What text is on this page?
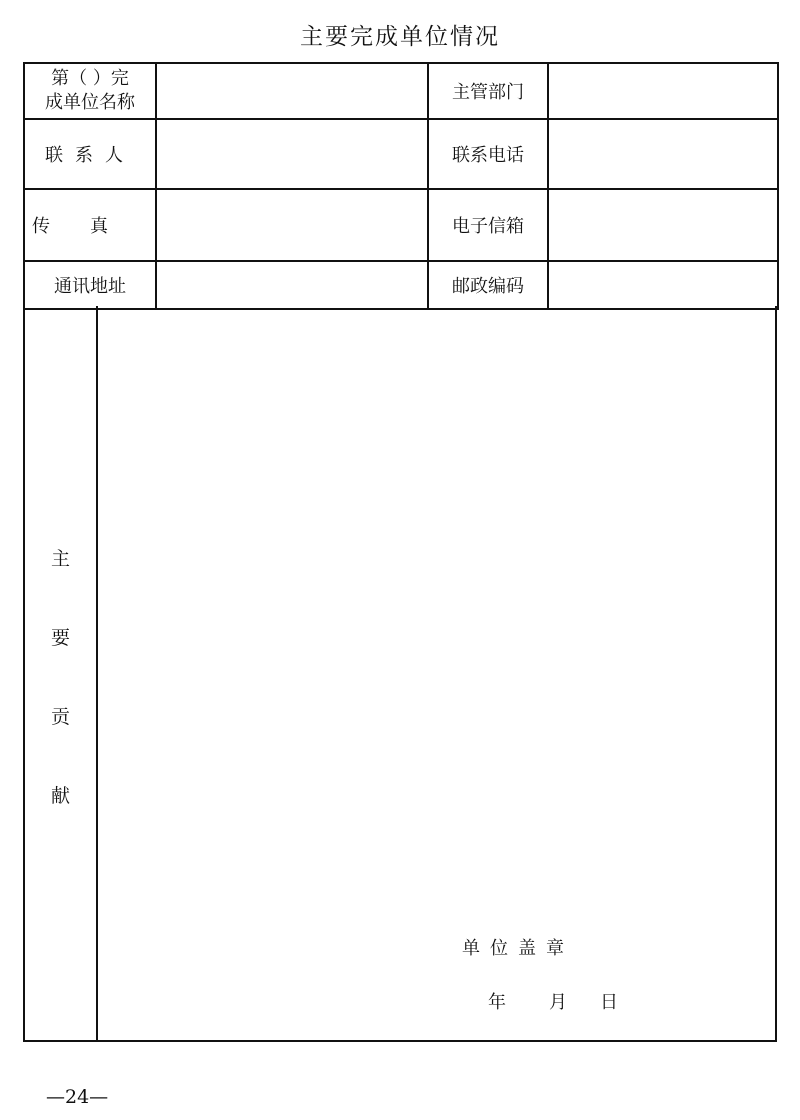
主要完成单位情况
第（ ）完
成单位名称		主管部门	
联系人		联系电话	
传真		电子信箱	
通讯地址		邮政编码	
主
要
贡
献
单位盖章
年 月 日
—24—
